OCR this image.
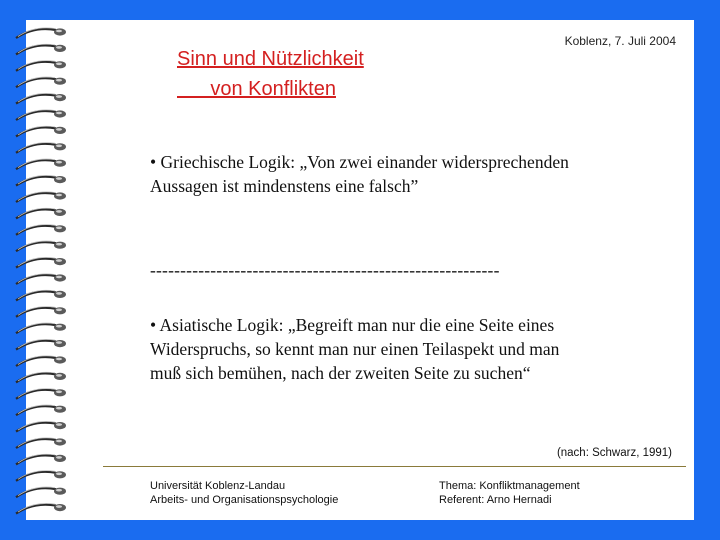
Sinn und Nützlichkeit
von Konflikten
Koblenz, 7. Juli 2004
• Griechische Logik: „Von zwei einander widersprechenden Aussagen ist mindenstens eine falsch”
----------------------------------------------------------
• Asiatische Logik: „Begreift man nur die eine Seite eines Widerspruchs, so kennt man nur einen Teilaspekt und man muß sich bemühen, nach der zweiten Seite zu suchen“
(nach: Schwarz, 1991)
Universität Koblenz-Landau
Arbeits- und Organisationspsychologie
Thema: Konfliktmanagement
Referent: Arno Hernadi
